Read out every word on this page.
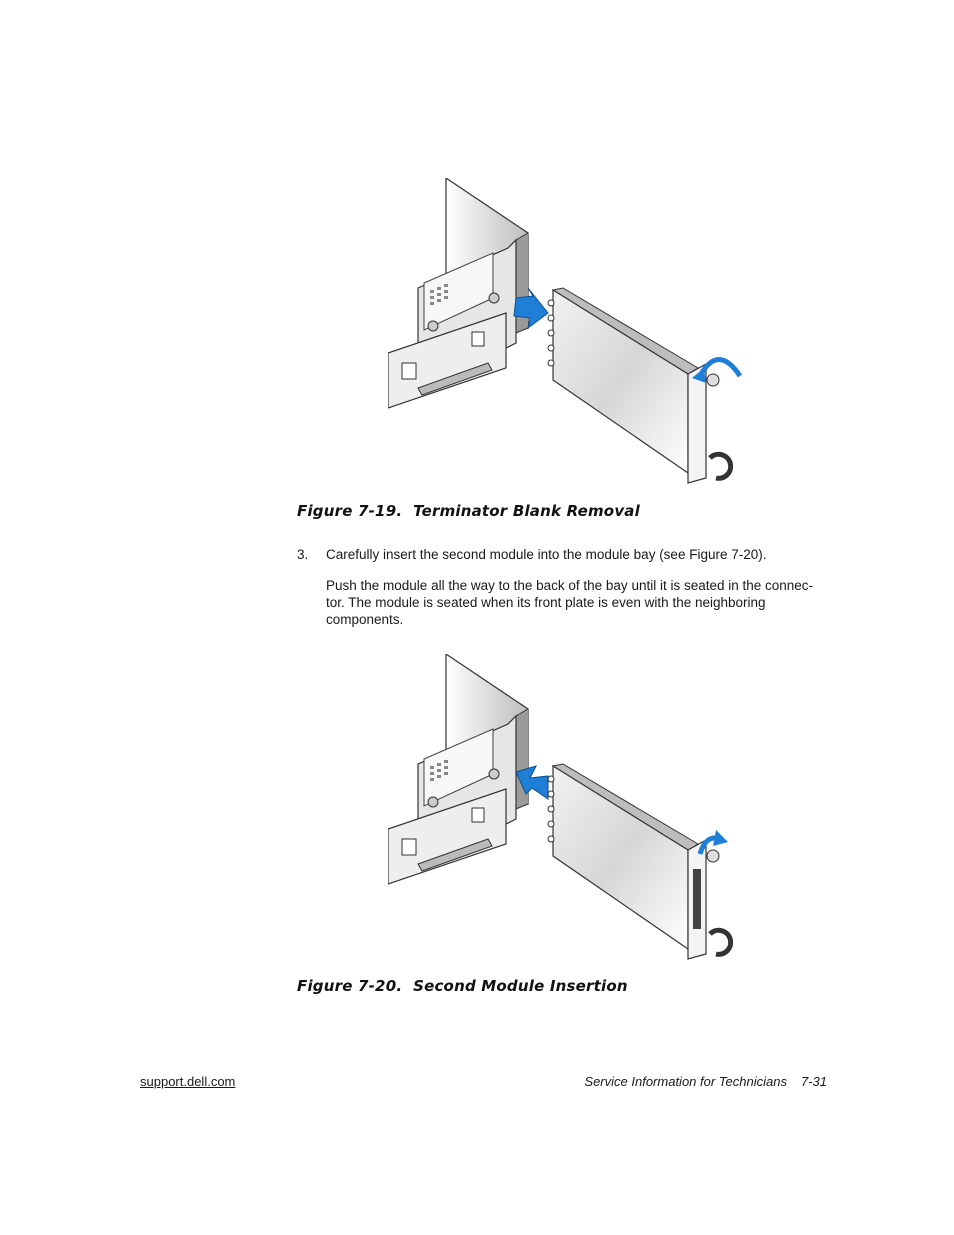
Figure 7-19. Terminator Blank Removal
3. Carefully insert the second module into the module bay (see Figure 7-20).
Push the module all the way to the back of the bay until it is seated in the connec-
tor. The module is seated when its front plate is even with the neighboring
components.
Figure 7-20. Second Module Insertion
support.dell.com	Service Information for Technicians 7-31
